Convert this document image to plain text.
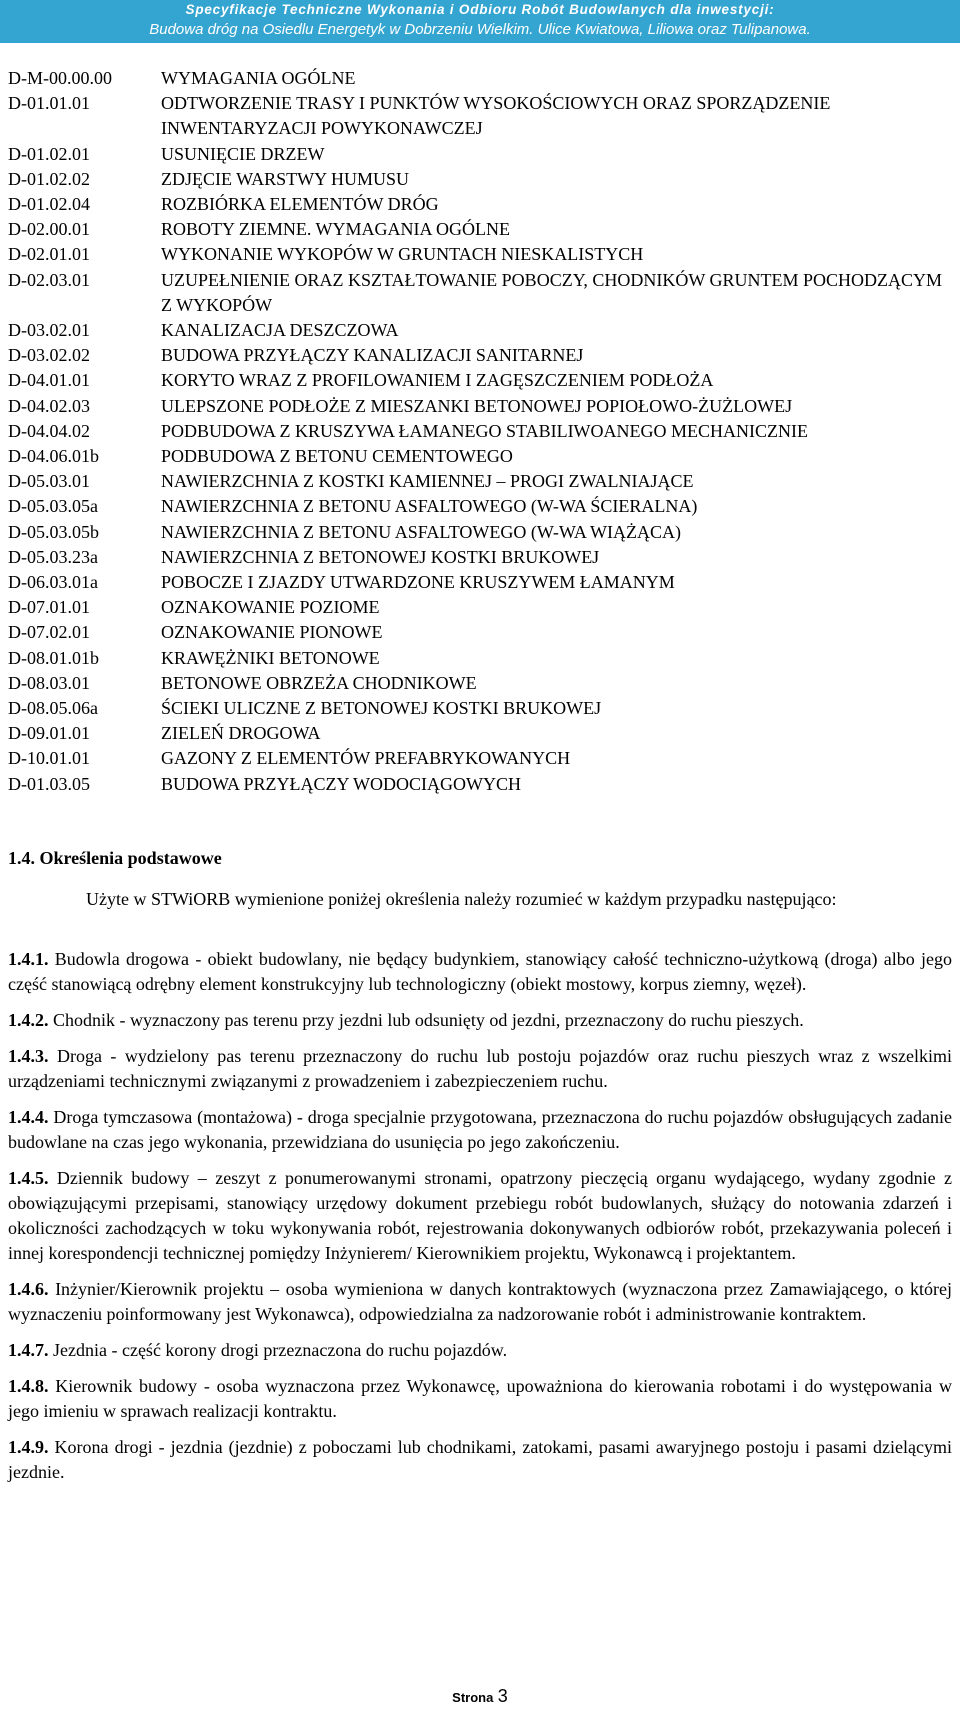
Specyfikacje Techniczne Wykonania i Odbioru Robót Budowlanych dla inwestycji:
Budowa dróg na Osiedlu Energetyk w Dobrzeniu Wielkim. Ulice Kwiatowa, Liliowa oraz Tulipanowa.
D-M-00.00.00	WYMAGANIA OGÓLNE
D-01.01.01	ODTWORZENIE TRASY I PUNKTÓW WYSOKOŚCIOWYCH ORAZ SPORZĄDZENIE INWENTARYZACJI POWYKONAWCZEJ
D-01.02.01	USUNIĘCIE DRZEW
D-01.02.02	ZDJĘCIE WARSTWY HUMUSU
D-01.02.04	ROZBIÓRKA ELEMENTÓW DRÓG
D-02.00.01	ROBOTY ZIEMNE. WYMAGANIA OGÓLNE
D-02.01.01	WYKONANIE WYKOPÓW W GRUNTACH NIESKALISTYCH
D-02.03.01	UZUPEŁNIENIE ORAZ KSZTAŁTOWANIE POBOCZY, CHODNIKÓW GRUNTEM POCHODZĄCYM Z WYKOPÓW
D-03.02.01	KANALIZACJA DESZCZOWA
D-03.02.02	BUDOWA PRZYŁĄCZY KANALIZACJI SANITARNEJ
D-04.01.01	KORYTO WRAZ Z PROFILOWANIEM I ZAGĘSZCZENIEM PODŁOŻA
D-04.02.03	ULEPSZONE PODŁOŻE Z MIESZANKI BETONOWEJ POPIOŁOWO-ŻUŻLOWEJ
D-04.04.02	PODBUDOWA Z KRUSZYWA ŁAMANEGO STABILIWOANEGO MECHANICZNIE
D-04.06.01b	PODBUDOWA Z BETONU CEMENTOWEGO
D-05.03.01	NAWIERZCHNIA Z KOSTKI KAMIENNEJ – PROGI ZWALNIAJĄCE
D-05.03.05a	NAWIERZCHNIA Z BETONU ASFALTOWEGO (W-WA ŚCIERALNA)
D-05.03.05b	NAWIERZCHNIA Z BETONU ASFALTOWEGO (W-WA WIĄŻĄCA)
D-05.03.23a	NAWIERZCHNIA Z BETONOWEJ KOSTKI BRUKOWEJ
D-06.03.01a	POBOCZE I ZJAZDY UTWARDZONE KRUSZYWEM ŁAMANYM
D-07.01.01	OZNAKOWANIE POZIOME
D-07.02.01	OZNAKOWANIE PIONOWE
D-08.01.01b	KRAWĘŻNIKI BETONOWE
D-08.03.01	BETONOWE OBRZEŻA CHODNIKOWE
D-08.05.06a	ŚCIEKI ULICZNE Z BETONOWEJ KOSTKI BRUKOWEJ
D-09.01.01	ZIELEŃ DROGOWA
D-10.01.01	GAZONY Z ELEMENTÓW PREFABRYKOWANYCH
D-01.03.05	BUDOWA PRZYŁĄCZY WODOCIĄGOWYCH
1.4. Określenia podstawowe
Użyte w STWiORB wymienione poniżej określenia należy rozumieć w każdym przypadku następująco:

1.4.1. Budowla drogowa - obiekt budowlany, nie będący budynkiem, stanowiący całość techniczno-użytkową (droga) albo jego część stanowiącą odrębny element konstrukcyjny lub technologiczny (obiekt mostowy, korpus ziemny, węzeł).

1.4.2. Chodnik - wyznaczony pas terenu przy jezdni lub odsunięty od jezdni, przeznaczony do ruchu pieszych.

1.4.3. Droga - wydzielony pas terenu przeznaczony do ruchu lub postoju pojazdów oraz ruchu pieszych wraz z wszelkimi urządzeniami technicznymi związanymi z prowadzeniem i zabezpieczeniem ruchu.

1.4.4. Droga tymczasowa (montażowa) - droga specjalnie przygotowana, przeznaczona do ruchu pojazdów obsługujących zadanie budowlane na czas jego wykonania, przewidziana do usunięcia po jego zakończeniu.

1.4.5. Dziennik budowy – zeszyt z ponumerowanymi stronami, opatrzony pieczęcią organu wydającego, wydany zgodnie z obowiązującymi przepisami, stanowiący urzędowy dokument przebiegu robót budowlanych, służący do notowania zdarzeń i okoliczności zachodzących w toku wykonywania robót, rejestrowania dokonywanych odbiorów robót, przekazywania poleceń i innej korespondencji technicznej pomiędzy Inżynierem/ Kierownikiem projektu, Wykonawcą i projektantem.

1.4.6. Inżynier/Kierownik projektu – osoba wymieniona w danych kontraktowych (wyznaczona przez Zamawiającego, o której wyznaczeniu poinformowany jest Wykonawca), odpowiedzialna za nadzorowanie robót i administrowanie kontraktem.

1.4.7. Jezdnia - część korony drogi przeznaczona do ruchu pojazdów.

1.4.8. Kierownik budowy - osoba wyznaczona przez Wykonawcę, upoważniona do kierowania robotami i do występowania w jego imieniu w sprawach realizacji kontraktu.

1.4.9. Korona drogi - jezdnia (jezdnie) z poboczami lub chodnikami, zatokami, pasami awaryjnego postoju i pasami dzielącymi jezdnie.

Strona 3
